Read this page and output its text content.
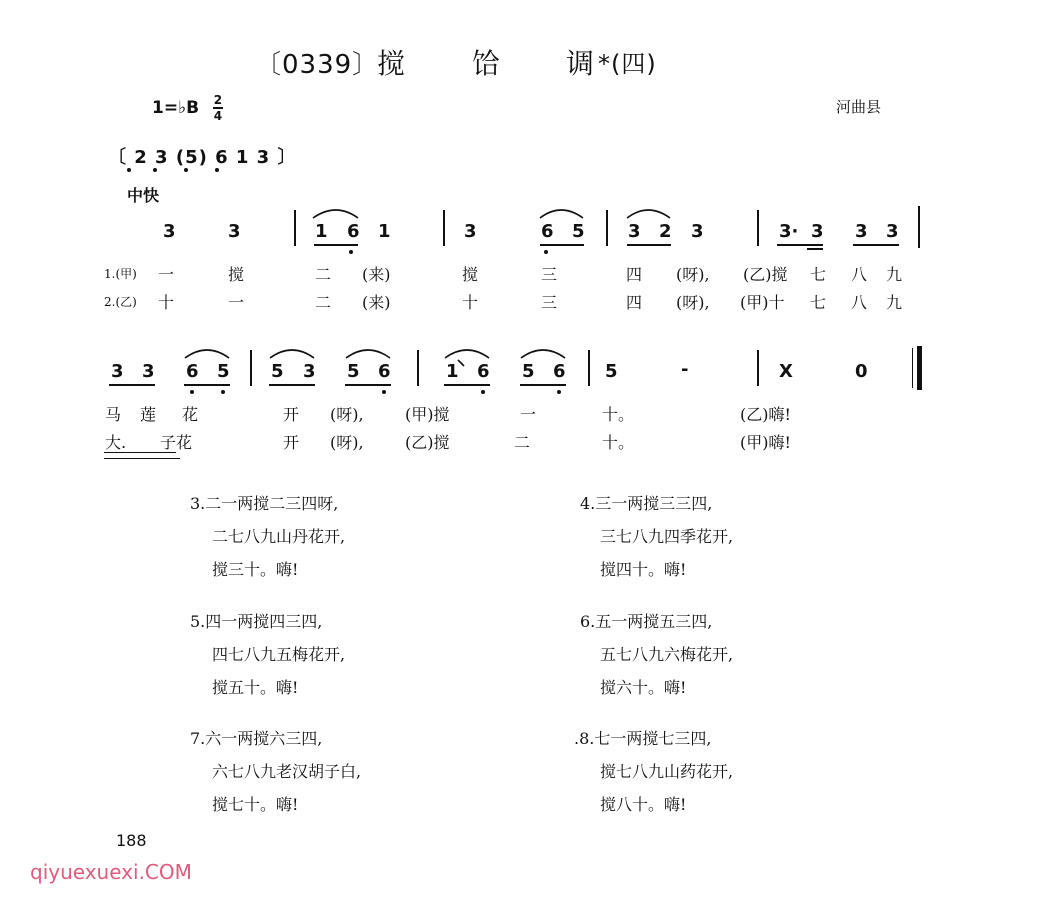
〔0339〕
搅 饸 调 *(四)
1=♭B $\frac{2}{4}$	河曲县
〔 2 3 (5) 6 1 3 〕
中快
3	3	1 6 1	3	6 5 3 2 3	3· 3 3 3
1.(甲) 一	搅	二 (来)	搅	三	四 (呀), (乙)搅 七 八 九
2.(乙) 十	一	二 (来)	十	三	四 (呀), (甲)十 七 八 九
3 3 6 5 5 3 5 6	1 6 5 6 5	-	X	0
马 莲 花	开 (呀),	(甲)搅	一	十。	(乙)嗨!
大. 子花	开 (呀),	(乙)搅	二	十。	(甲)嗨!
3.二一两搅二三四呀,
二七八九山丹花开,
搅三十。嗨!
4.三一两搅三三四,
三七八九四季花开,
搅四十。嗨!
5.四一两搅四三四,
四七八九五梅花开,
搅五十。嗨!
6.五一两搅五三四,
五七八九六梅花开,
搅六十。嗨!
7.六一两搅六三四,
六七八九老汉胡子白,
搅七十。嗨!
.8.七一两搅七三四,
搅七八九山药花开,
搅八十。嗨!
188
qiyuexuexi.COM
